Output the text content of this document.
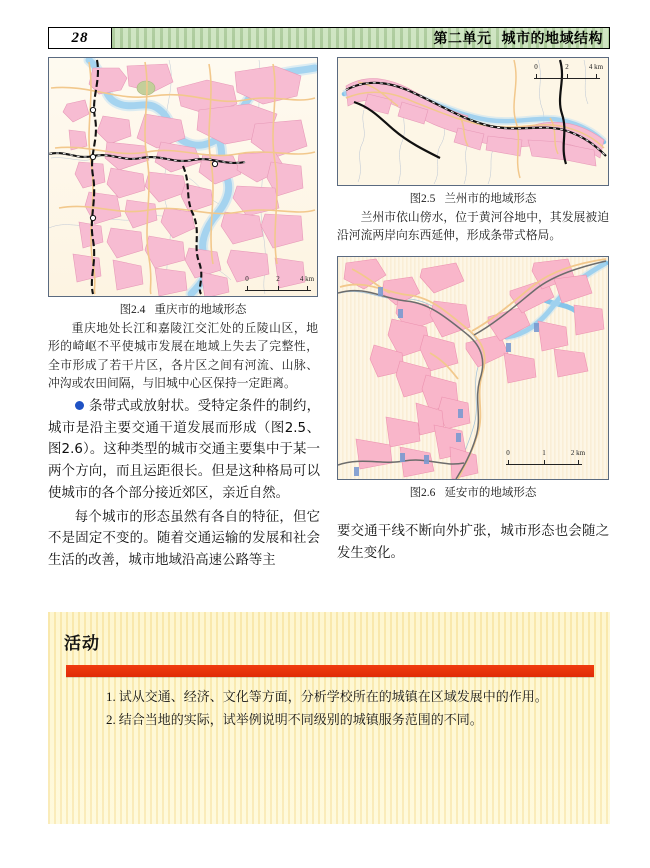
28	第二单元 城市的地域结构
0	2	4 km
图2.4 重庆市的地域形态
重庆地处长江和嘉陵江交汇处的丘陵山区，地形的崎岖不平使城市发展在地域上失去了完整性，全市形成了若干片区，各片区之间有河流、山脉、冲沟或农田间隔，与旧城中心区保持一定距离。
0	2	4 km
图2.5 兰州市的地域形态
兰州市依山傍水，位于黄河谷地中，其发展被迫沿河流两岸向东西延伸，形成条带式格局。
0	1	2 km
图2.6 延安市的地域形态

条带式或放射状。受特定条件的制约，城市是沿主要交通干道发展而形成（图2.5、图2.6）。这种类型的城市交通主要集中于某一两个方向，而且运距很长。但是这种格局可以使城市的各个部分接近郊区，亲近自然。

每个城市的形态虽然有各自的特征，但它不是固定不变的。随着交通运输的发展和社会生活的改善，城市地域沿高速公路等主

要交通干线不断向外扩张，城市形态也会随之发生变化。

活动
1. 试从交通、经济、文化等方面，分析学校所在的城镇在区域发展中的作用。
2. 结合当地的实际，试举例说明不同级别的城镇服务范围的不同。
